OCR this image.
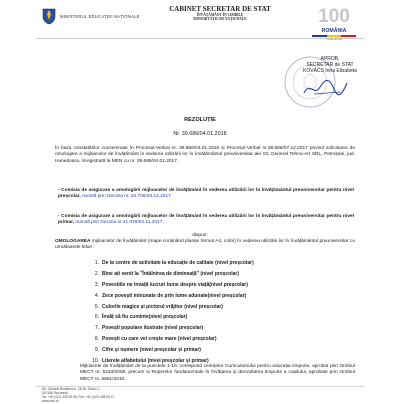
MINISTERUL EDUCAȚIEI NAȚIONALE
CABINET SECRETAR DE STAT
ÎNVĂȚĂMÂNT ÎN LIMBILE
MINORITĂȚILOR NAȚIONALE	100
ROMÂNIA
1918–2018
APROB,
SECRETAR de STAT
KOVÁCS Irina Elisabeta
REZOLUȚIE
Nr. 39.686/04.01.2018
În baza constatărilor consemnate în Procesul-Verbal nr. 39.686/03.01.2018 și Procesul-Verbal nr.39.686/07.12.2017 privind solicitarea de omologare a mijloacelor de învățământ în vederea utilizării lor în învățământul preuniversitar ale SC General Tehno-Art SRL, Petroșani, jud. Hunedoara, înregistrată la MEN cu nr. 39.686/04.01.2017,
· Comisia de asigurare a omologării mijloacelor de învățământ în vederea utilizării lor în învățământul preuniversitar pentru nivel preșcolar, numită prin Decizia nr. 43.708/20.12.2017
· Comisia de asigurare a omologării mijloacelor de învățământ în vederea utilizării lor în învățământul preuniversitar pentru nivel primar, numită prin Decizia nr.41.078/02.11.2017,
dispun:
OMOLOGAREA mijloacelor de învățământ (mape conținând planșe format A4, color) în vederea utilizării lor în învățământul preuniversitar cu următoarele titluri :
1. De la centre de activitate la educație de calitate (nivel preșcolar)
2. Bine ați venit la "Întâlnirea de dimineață" (nivel preșcolar)
3. Povestiile ne învață lucruri bune despre viață(nivel preșcolar)
4. Zece povești minunate de prin lume adunate(nivel preșcolar)
5. Culorile magice și pictorul vrăjitor (nivel preșcolar)
6. Învăț să fiu cuminte(nivel preșcolar)
7. Povești populare ilustrate (nivel preșcolar)
8. Povești cu care vei crește mare (nivel preșcolar)
9. Cifre și numere (nivel preșcolar și primar)
10. Literele alfabetului (nivel preșcolar și primar)
Mijloacele de învățământ de la punctele 1-10, corespund cerințelor Curriculumului pentru educația timpurie, aprobat prin Ordinul MECT nr. 5233/2008, precum și Reperelor fundamentale în învățarea și dezvoltarea timpurie a copilului, aprobate prin Ordinul MECT nr. 5851/2010.
Str. General Berthelot nr. 28-30, Sector 1,
010168, București
Tel: +40 (0)21 405 59 45, Fax: +40 (0)21 405 59 47
www.edu.ro
